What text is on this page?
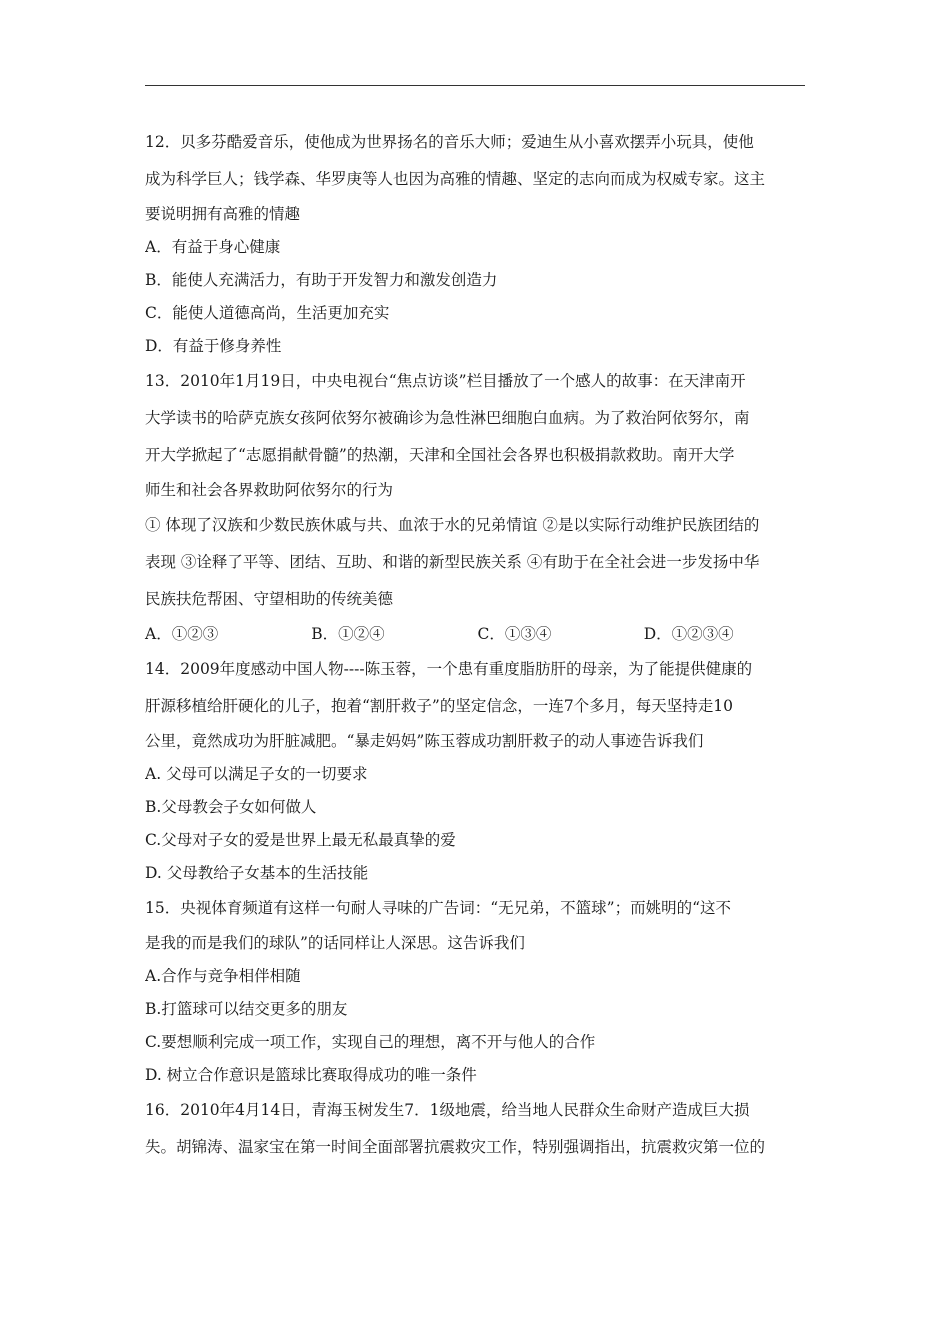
12．贝多芬酷爱音乐，使他成为世界扬名的音乐大师；爱迪生从小喜欢摆弄小玩具，使他
成为科学巨人；钱学森、华罗庚等人也因为高雅的情趣、坚定的志向而成为权威专家。这主
要说明拥有高雅的情趣
A．有益于身心健康
B．能使人充满活力，有助于开发智力和激发创造力
C．能使人道德高尚，生活更加充实
D．有益于修身养性
13．2010年1月19日，中央电视台“焦点访谈”栏目播放了一个感人的故事：在天津南开
大学读书的哈萨克族女孩阿依努尔被确诊为急性淋巴细胞白血病。为了救治阿依努尔，南
开大学掀起了“志愿捐献骨髓”的热潮，天津和全国社会各界也积极捐款救助。南开大学
师生和社会各界救助阿依努尔的行为
① 体现了汉族和少数民族休戚与共、血浓于水的兄弟情谊 ②是以实际行动维护民族团结的
表现 ③诠释了平等、团结、互助、和谐的新型民族关系 ④有助于在全社会进一步发扬中华
民族扶危帮困、守望相助的传统美德
A．①②③	B．①②④	C．①③④	D．①②③④
14．2009年度感动中国人物----陈玉蓉，一个患有重度脂肪肝的母亲，为了能提供健康的
肝源移植给肝硬化的儿子，抱着“割肝救子”的坚定信念，一连7个多月，每天坚持走10
公里，竟然成功为肝脏减肥。“暴走妈妈”陈玉蓉成功割肝救子的动人事迹告诉我们
A. 父母可以满足子女的一切要求
B.父母教会子女如何做人
C.父母对子女的爱是世界上最无私最真挚的爱
D. 父母教给子女基本的生活技能
15．央视体育频道有这样一句耐人寻味的广告词：“无兄弟，不篮球”；而姚明的“这不
是我的而是我们的球队”的话同样让人深思。这告诉我们
A.合作与竞争相伴相随
B.打篮球可以结交更多的朋友
C.要想顺利完成一项工作，实现自己的理想，离不开与他人的合作
D. 树立合作意识是篮球比赛取得成功的唯一条件
16．2010年4月14日，青海玉树发生7．1级地震，给当地人民群众生命财产造成巨大损
失。胡锦涛、温家宝在第一时间全面部署抗震救灾工作，特别强调指出，抗震救灾第一位的
